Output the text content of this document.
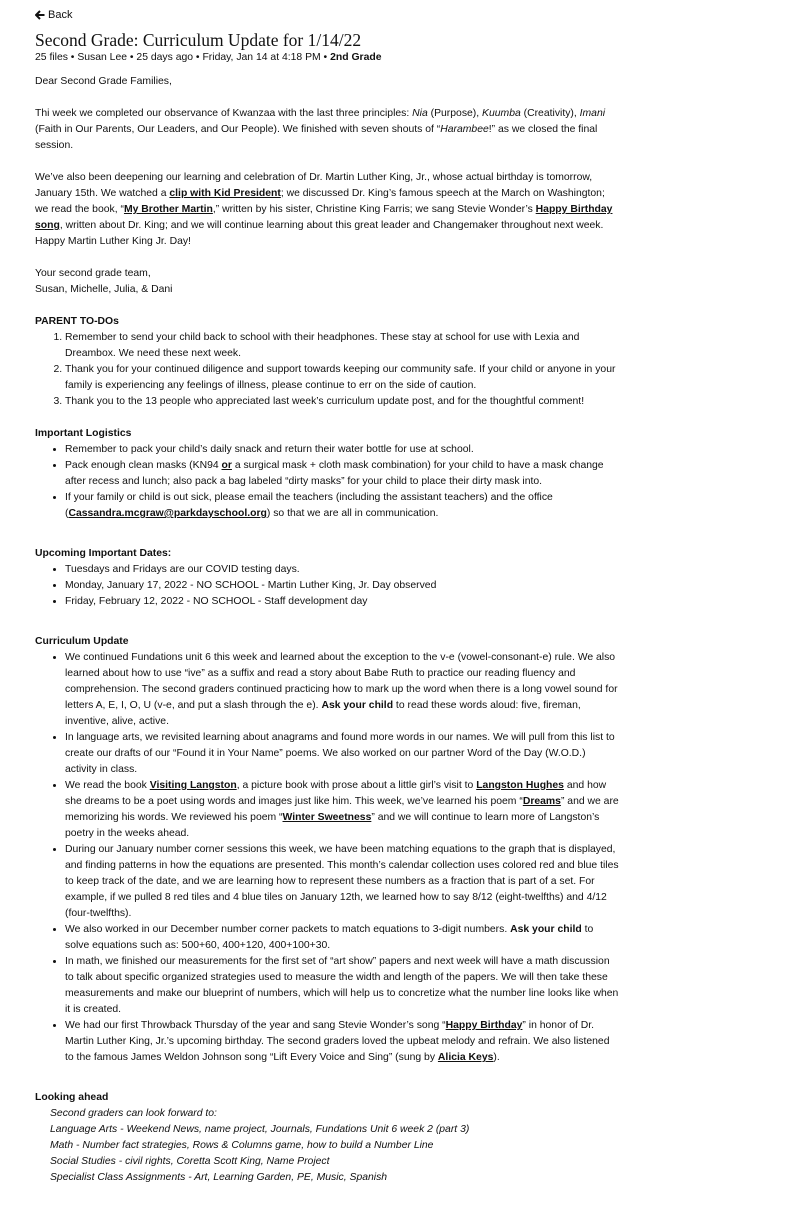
Back
Second Grade: Curriculum Update for 1/14/22
25 files • Susan Lee • 25 days ago • Friday, Jan 14 at 4:18 PM • 2nd Grade

Dear Second Grade Families,

Thi week we completed our observance of Kwanzaa with the last three principles: Nia (Purpose), Kuumba (Creativity), Imani (Faith in Our Parents, Our Leaders, and Our People). We finished with seven shouts of “Harambee!” as we closed the final session.

We’ve also been deepening our learning and celebration of Dr. Martin Luther King, Jr., whose actual birthday is tomorrow, January 15th. We watched a clip with Kid President; we discussed Dr. King’s famous speech at the March on Washington; we read the book, “My Brother Martin,” written by his sister, Christine King Farris; we sang Stevie Wonder’s Happy Birthday song, written about Dr. King; and we will continue learning about this great leader and Changemaker throughout next week. Happy Martin Luther King Jr. Day!

Your second grade team,
Susan, Michelle, Julia, & Dani

PARENT TO-DOs
1. Remember to send your child back to school with their headphones. These stay at school for use with Lexia and Dreambox. We need these next week.
2. Thank you for your continued diligence and support towards keeping our community safe. If your child or anyone in your family is experiencing any feelings of illness, please continue to err on the side of caution.
3. Thank you to the 13 people who appreciated last week’s curriculum update post, and for the thoughtful comment!
Important Logistics
• Remember to pack your child’s daily snack and return their water bottle for use at school.
• Pack enough clean masks (KN94 or a surgical mask + cloth mask combination) for your child to have a mask change after recess and lunch; also pack a bag labeled “dirty masks” for your child to place their dirty mask into.
• If your family or child is out sick, please email the teachers (including the assistant teachers) and the office (Cassandra.mcgraw@parkdayschool.org) so that we are all in communication.
Upcoming Important Dates:
• Tuesdays and Fridays are our COVID testing days.
• Monday, January 17, 2022 - NO SCHOOL - Martin Luther King, Jr. Day observed
• Friday, February 12, 2022 - NO SCHOOL - Staff development day
Curriculum Update
• We continued Fundations unit 6 this week and learned about the exception to the v-e (vowel-consonant-e) rule. We also learned about how to use “ive” as a suffix and read a story about Babe Ruth to practice our reading fluency and comprehension. The second graders continued practicing how to mark up the word when there is a long vowel sound for letters A, E, I, O, U (v-e, and put a slash through the e). Ask your child to read these words aloud: five, fireman, inventive, alive, active.
• In language arts, we revisited learning about anagrams and found more words in our names. We will pull from this list to create our drafts of our “Found it in Your Name” poems. We also worked on our partner Word of the Day (W.O.D.) activity in class.
• We read the book Visiting Langston, a picture book with prose about a little girl’s visit to Langston Hughes and how she dreams to be a poet using words and images just like him. This week, we’ve learned his poem “Dreams” and we are memorizing his words. We reviewed his poem “Winter Sweetness” and we will continue to learn more of Langston’s poetry in the weeks ahead.
• During our January number corner sessions this week, we have been matching equations to the graph that is displayed, and finding patterns in how the equations are presented. This month’s calendar collection uses colored red and blue tiles to keep track of the date, and we are learning how to represent these numbers as a fraction that is part of a set. For example, if we pulled 8 red tiles and 4 blue tiles on January 12th, we learned how to say 8/12 (eight-twelfths) and 4/12 (four-twelfths).
• We also worked in our December number corner packets to match equations to 3-digit numbers. Ask your child to solve equations such as: 500+60, 400+120, 400+100+30.
• In math, we finished our measurements for the first set of “art show” papers and next week will have a math discussion to talk about specific organized strategies used to measure the width and length of the papers. We will then take these measurements and make our blueprint of numbers, which will help us to concretize what the number line looks like when it is created.
• We had our first Throwback Thursday of the year and sang Stevie Wonder’s song “Happy Birthday” in honor of Dr. Martin Luther King, Jr.’s upcoming birthday. The second graders loved the upbeat melody and refrain. We also listened to the famous James Weldon Johnson song “Lift Every Voice and Sing” (sung by Alicia Keys).
Looking ahead
Second graders can look forward to:
Language Arts - Weekend News, name project, Journals, Fundations Unit 6 week 2 (part 3)
Math - Number fact strategies, Rows & Columns game, how to build a Number Line
Social Studies - civil rights, Coretta Scott King, Name Project
Specialist Class Assignments - Art, Learning Garden, PE, Music, Spanish
